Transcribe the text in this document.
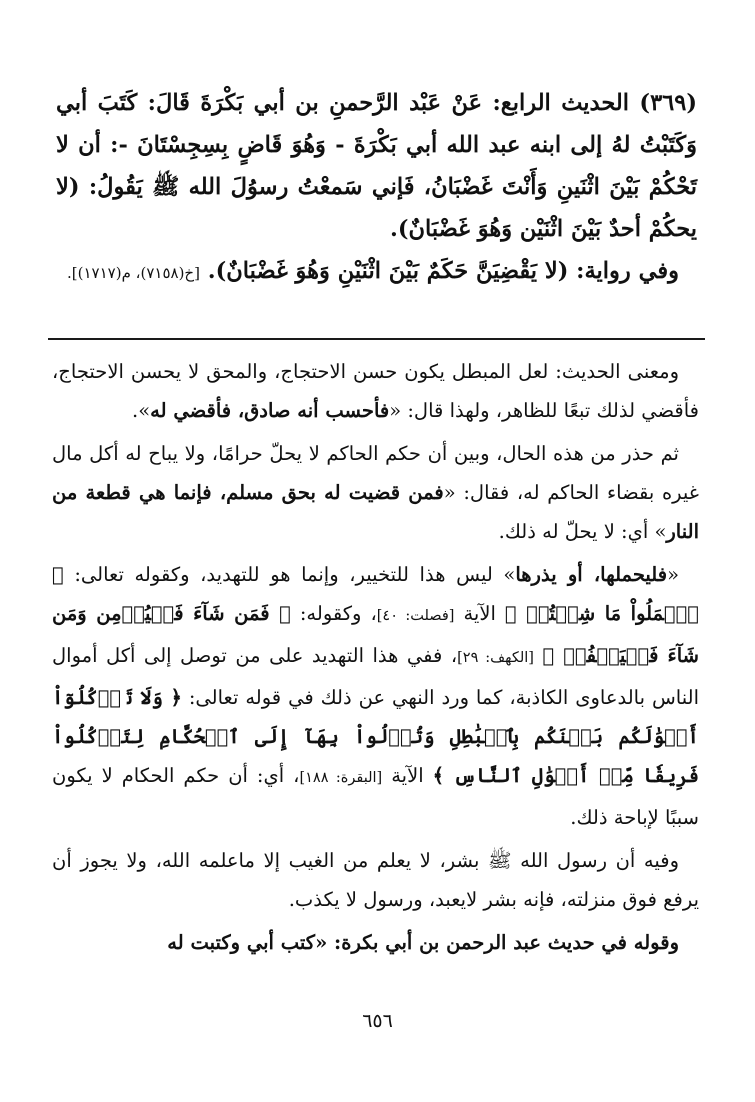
(٣٦٩) الحديث الرابع: عَنْ عَبْد الرَّحمنِ بن أبي بَكْرَةَ قَالَ: كَتَبَ أبي وَكَتَبْتُ لهُ إلى ابنه عبد الله أبي بَكْرَةَ - وَهُوَ قَاضٍ بِسِجِسْتَانَ -: أن لا تَحْكُمْ بَيْنَ اثْنَينِ وَأَنْتَ غَضْبَانُ، فَإني سَمعْتُ رسوُلَ الله ﷺ يَقُولُ: (لا يحكُمْ أحدٌ بَيْنَ اثْنَيْن وَهُوَ غَضْبَانٌ).

وفي رواية: (لا يَقْضِيَنَّ حَكَمٌ بَيْنَ اثْنَيْنِ وَهُوَ غَضْبَانٌ). [خ(٧١٥٨)، م(١٧١٧)].

ومعنى الحديث: لعل المبطل يكون حسن الاحتجاج، والمحق لا يحسن الاحتجاج، فأقضي لذلك تبعًا للظاهر، ولهذا قال: «فأحسب أنه صادق، فأقضي له».

ثم حذر من هذه الحال، وبين أن حكم الحاكم لا يحلّ حرامًا، ولا يباح له أكل مال غيره بقضاء الحاكم له، فقال: «فمن قضيت له بحق مسلم، فإنما هي قطعة من النار» أي: لا يحلّ له ذلك.

«فليحملها، أو يذرها» ليس هذا للتخيير، وإنما هو للتهديد، وكقوله تعالى: ﴿ ٱعۡمَلُواْ مَا شِئۡتُمۡ ﴾ الآية [فصلت: ٤٠]، وكقوله: ﴿ فَمَن شَآءَ فَلۡيُؤۡمِن وَمَن شَآءَ فَلۡيَكۡفُرۡ ﴾ [الكهف: ٢٩]، ففي هذا التهديد على من توصل إلى أكل أموال الناس بالدعاوى الكاذبة، كما ورد النهي عن ذلك في قوله تعالى: ﴿ وَلَا تَأۡكُلُوٓاْ أَمۡوَٰلَكُم بَيۡنَكُم بِٱلۡبَٰطِلِ وَتُدۡلُواْ بِهَآ إِلَى ٱلۡحُكَّامِ لِتَأۡكُلُواْ فَرِيقٗا مِّنۡ أَمۡوَٰلِ ٱلنَّاسِ ﴾ الآية [البقرة: ١٨٨]، أي: أن حكم الحكام لا يكون سببًا لإباحة ذلك.

وفيه أن رسول الله ﷺ بشر، لا يعلم من الغيب إلا ماعلمه الله، ولا يجوز أن يرفع فوق منزلته، فإنه بشر لايعبد، ورسول لا يكذب.

وقوله في حديث عبد الرحمن بن أبي بكرة: «كتب أبي وكتبت له

٦٥٦
